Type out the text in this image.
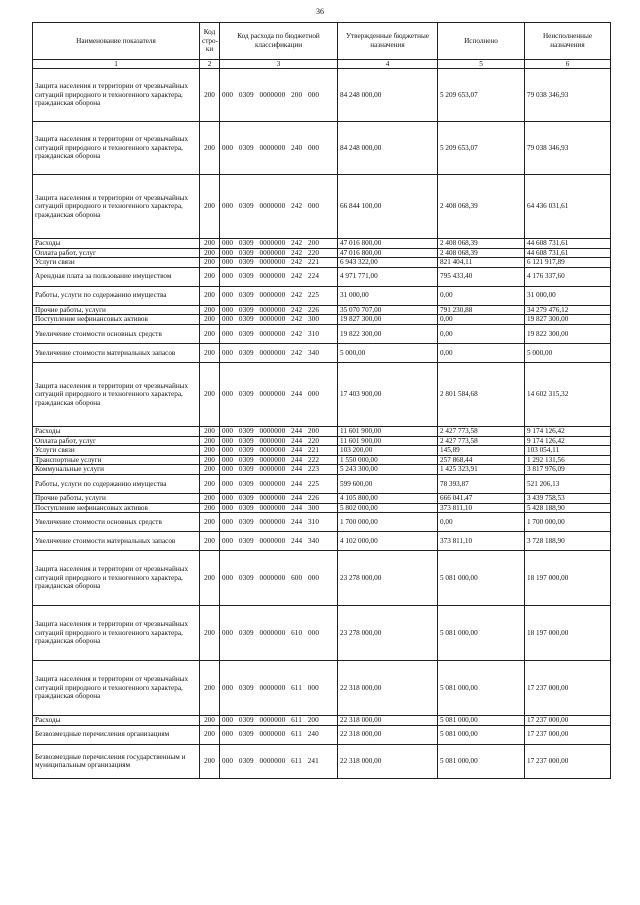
36
Наименование показателя	Код стро-ки	Код расхода по бюджетной классификации	Утвержденные бюджетные назначения	Исполнено	Неисполненные назначения
1	2	3	4	5	6
Защита населения и территории от чрезвычайных ситуаций природного и техногенного характера, гражданская оборона	200	000  0309  0000000  200  000	84 248 000,00	5 209 653,07	79 038 346,93
Защита населения и территории от чрезвычайных ситуаций природного и техногенного характера, гражданская оборона	200	000  0309  0000000  240  000	84 248 000,00	5 209 653,07	79 038 346,93
Защита населения и территории от чрезвычайных ситуаций природного и техногенного характера, гражданская оборона	200	000  0309  0000000  242  000	66 844 100,00	2 408 068,39	64 436 031,61
Расходы	200	000  0309  0000000  242  200	47 016 800,00	2 408 068,39	44 608 731,61
Оплата работ, услуг	200	000  0309  0000000  242  220	47 016 800,00	2 408 068,39	44 608 731,61
Услуги связи	200	000  0309  0000000  242  221	6 943 322,00	821 404,11	6 121 917,89
Арендная плата за пользование имуществом	200	000  0309  0000000  242  224	4 971 771,00	795 433,40	4 176 337,60
Работы, услуги по содержанию имущества	200	000  0309  0000000  242  225	31 000,00	0,00	31 000,00
Прочие работы, услуги	200	000  0309  0000000  242  226	35 070 707,00	791 230,88	34 279 476,12
Поступление нефинансовых активов	200	000  0309  0000000  242  300	19 827 300,00	0,00	19 827 300,00
Увеличение стоимости основных средств	200	000  0309  0000000  242  310	19 822 300,00	0,00	19 822 300,00
Увеличение стоимости материальных запасов	200	000  0309  0000000  242  340	5 000,00	0,00	5 000,00
Защита населения и территории от чрезвычайных ситуаций природного и техногенного характера, гражданская оборона	200	000  0309  0000000  244  000	17 403 900,00	2 801 584,68	14 602 315,32
Расходы	200	000  0309  0000000  244  200	11 601 900,00	2 427 773,58	9 174 126,42
Оплата работ, услуг	200	000  0309  0000000  244  220	11 601 900,00	2 427 773,58	9 174 126,42
Услуги связи	200	000  0309  0000000  244  221	103 200,00	145,89	103 054,11
Транспортные услуги	200	000  0309  0000000  244  222	1 550 000,00	257 868,44	1 292 131,56
Коммунальные услуги	200	000  0309  0000000  244  223	5 243 300,00	1 425 323,91	3 817 976,09
Работы, услуги по содержанию имущества	200	000  0309  0000000  244  225	599 600,00	78 393,87	521 206,13
Прочие работы, услуги	200	000  0309  0000000  244  226	4 105 800,00	666 041,47	3 439 758,53
Поступление нефинансовых активов	200	000  0309  0000000  244  300	5 802 000,00	373 811,10	5 428 188,90
Увеличение стоимости основных средств	200	000  0309  0000000  244  310	1 700 000,00	0,00	1 700 000,00
Увеличение стоимости материальных запасов	200	000  0309  0000000  244  340	4 102 000,00	373 811,10	3 728 188,90
Защита населения и территории от чрезвычайных ситуаций природного и техногенного характера, гражданская оборона	200	000  0309  0000000  600  000	23 278 000,00	5 081 000,00	18 197 000,00
Защита населения и территории от чрезвычайных ситуаций природного и техногенного характера, гражданская оборона	200	000  0309  0000000  610  000	23 278 000,00	5 081 000,00	18 197 000,00
Защита населения и территории от чрезвычайных ситуаций природного и техногенного характера, гражданская оборона	200	000  0309  0000000  611  000	22 318 000,00	5 081 000,00	17 237 000,00
Расходы	200	000  0309  0000000  611  200	22 318 000,00	5 081 000,00	17 237 000,00
Безвозмездные перечисления организациям	200	000  0309  0000000  611  240	22 318 000,00	5 081 000,00	17 237 000,00
Безвозмездные перечисления государственным и муниципальным организациям	200	000  0309  0000000  611  241	22 318 000,00	5 081 000,00	17 237 000,00
